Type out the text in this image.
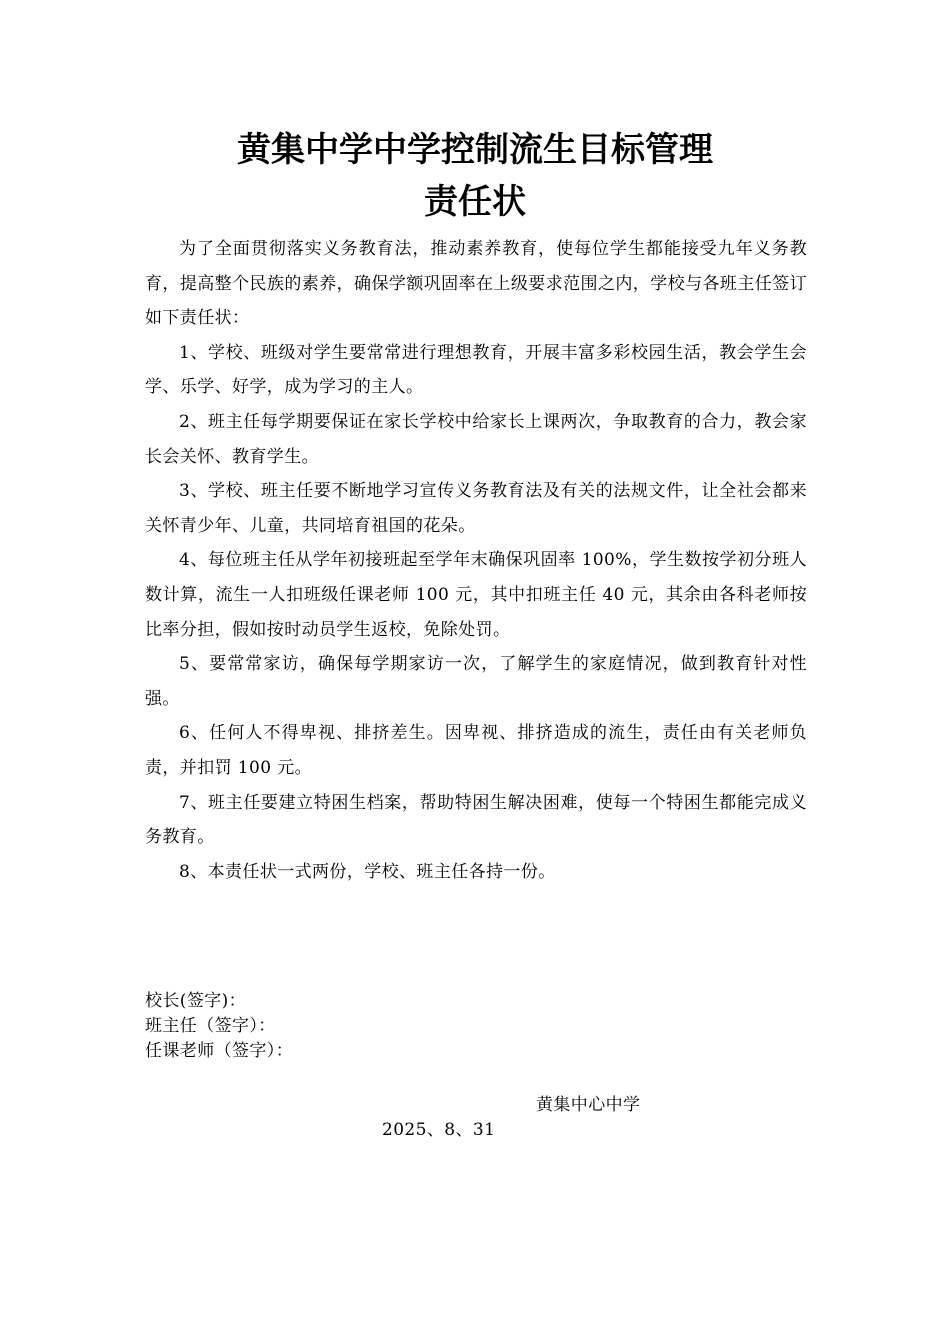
黄集中学中学控制流生目标管理
责任状

为了全面贯彻落实义务教育法，推动素养教育，使每位学生都能接受九年义务教育，提高整个民族的素养，确保学额巩固率在上级要求范围之内，学校与各班主任签订如下责任状：

1、学校、班级对学生要常常进行理想教育，开展丰富多彩校园生活，教会学生会学、乐学、好学，成为学习的主人。

2、班主任每学期要保证在家长学校中给家长上课两次，争取教育的合力，教会家长会关怀、教育学生。

3、学校、班主任要不断地学习宣传义务教育法及有关的法规文件，让全社会都来关怀青少年、儿童，共同培育祖国的花朵。

4、每位班主任从学年初接班起至学年末确保巩固率 100%，学生数按学初分班人数计算，流生一人扣班级任课老师 100 元，其中扣班主任 40 元，其余由各科老师按比率分担，假如按时动员学生返校，免除处罚。

5、要常常家访，确保每学期家访一次，了解学生的家庭情况，做到教育针对性强。

6、任何人不得卑视、排挤差生。因卑视、排挤造成的流生，责任由有关老师负责，并扣罚 100 元。

7、班主任要建立特困生档案，帮助特困生解决困难，使每一个特困生都能完成义务教育。

8、本责任状一式两份，学校、班主任各持一份。

校长(签字)：

班主任（签字）：

任课老师（签字）：

黄集中心中学

2025、8、31
